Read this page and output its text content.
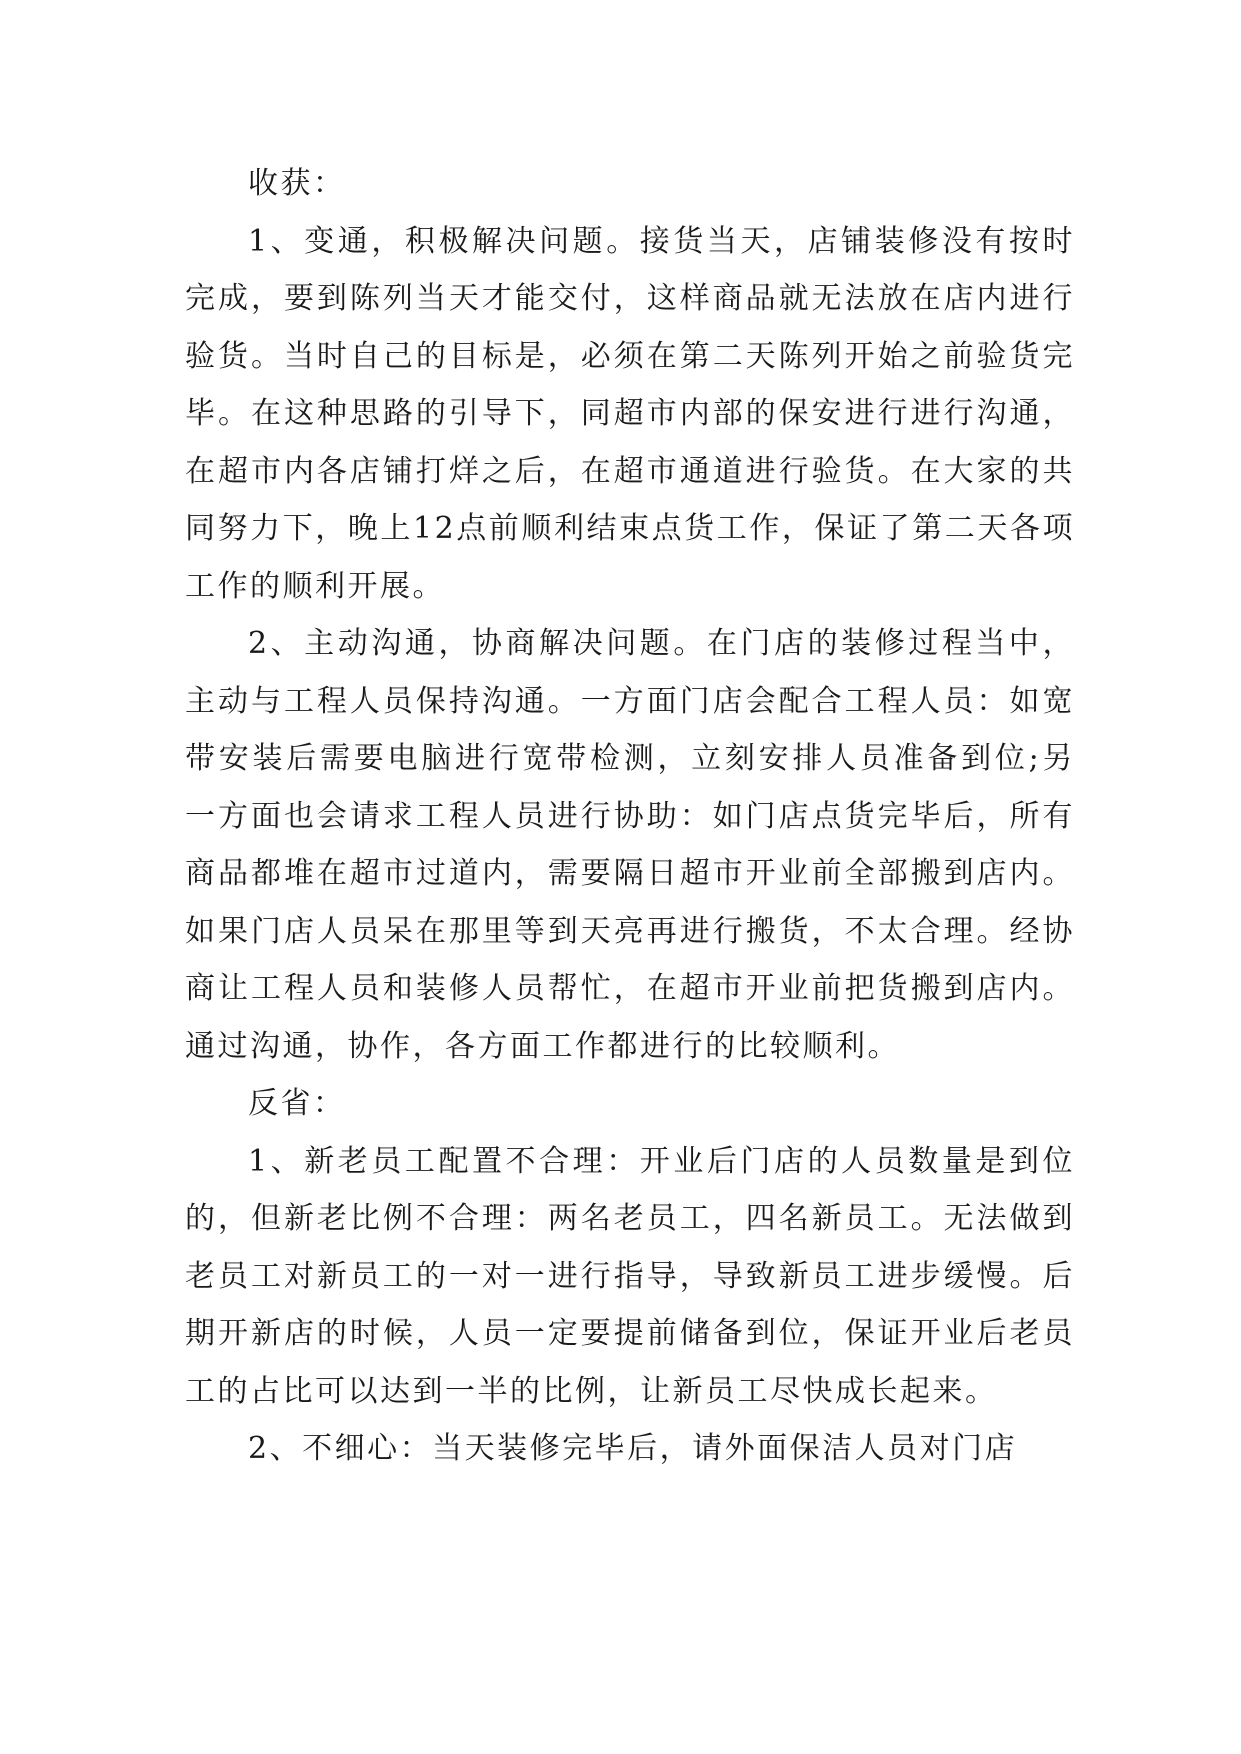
收获：

1、变通，积极解决问题。接货当天，店铺装修没有按时完成，要到陈列当天才能交付，这样商品就无法放在店内进行验货。当时自己的目标是，必须在第二天陈列开始之前验货完毕。在这种思路的引导下，同超市内部的保安进行进行沟通，在超市内各店铺打烊之后，在超市通道进行验货。在大家的共同努力下，晚上12点前顺利结束点货工作，保证了第二天各项工作的顺利开展。

2、主动沟通，协商解决问题。在门店的装修过程当中，主动与工程人员保持沟通。一方面门店会配合工程人员：如宽带安装后需要电脑进行宽带检测，立刻安排人员准备到位;另一方面也会请求工程人员进行协助：如门店点货完毕后，所有商品都堆在超市过道内，需要隔日超市开业前全部搬到店内。如果门店人员呆在那里等到天亮再进行搬货，不太合理。经协商让工程人员和装修人员帮忙，在超市开业前把货搬到店内。通过沟通，协作，各方面工作都进行的比较顺利。

反省：

1、新老员工配置不合理：开业后门店的人员数量是到位的，但新老比例不合理：两名老员工，四名新员工。无法做到老员工对新员工的一对一进行指导，导致新员工进步缓慢。后期开新店的时候，人员一定要提前储备到位，保证开业后老员工的占比可以达到一半的比例，让新员工尽快成长起来。

2、不细心：当天装修完毕后，请外面保洁人员对门店
